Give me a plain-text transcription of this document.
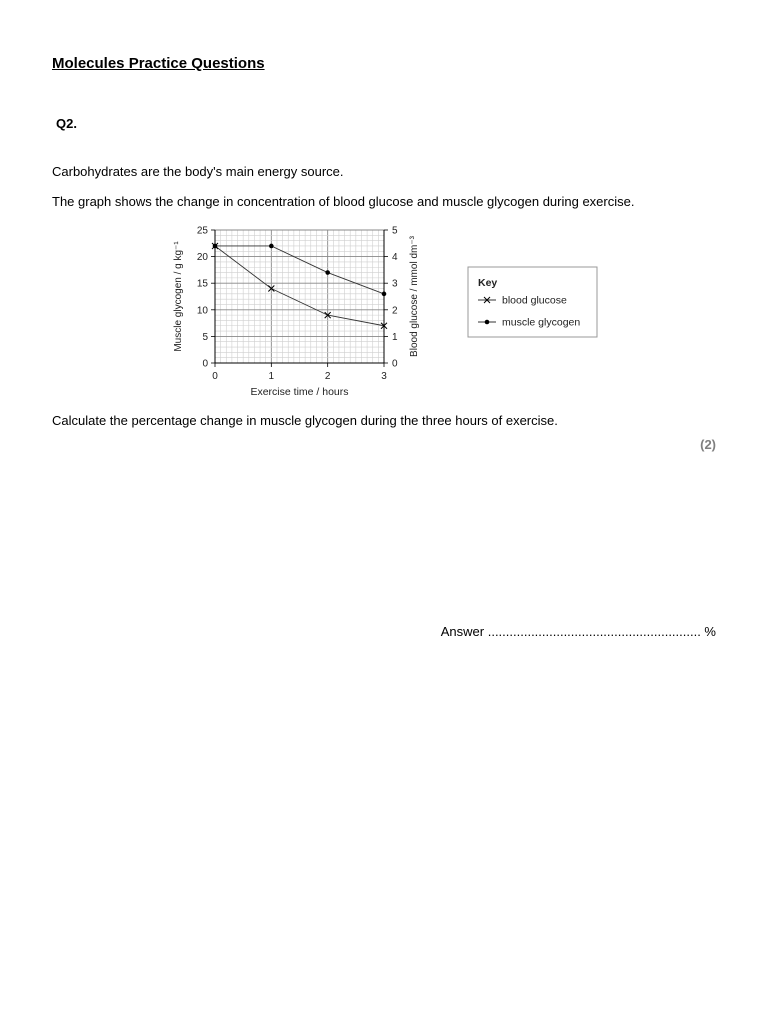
Molecules Practice Questions
Q2.
Carbohydrates are the body's main energy source.
The graph shows the change in concentration of blood glucose and muscle glycogen during exercise.
0
5
10
15
20
25
0
1
2
3
4
5
0	1	2	3
Exercise time / hours
Muscle glycogen / g kg⁻¹	Blood glucose / mmol dm⁻³	Key
blood glucose
muscle glycogen
Calculate the percentage change in muscle glycogen during the three hours of exercise.
(2)
Answer ........................................................... %
